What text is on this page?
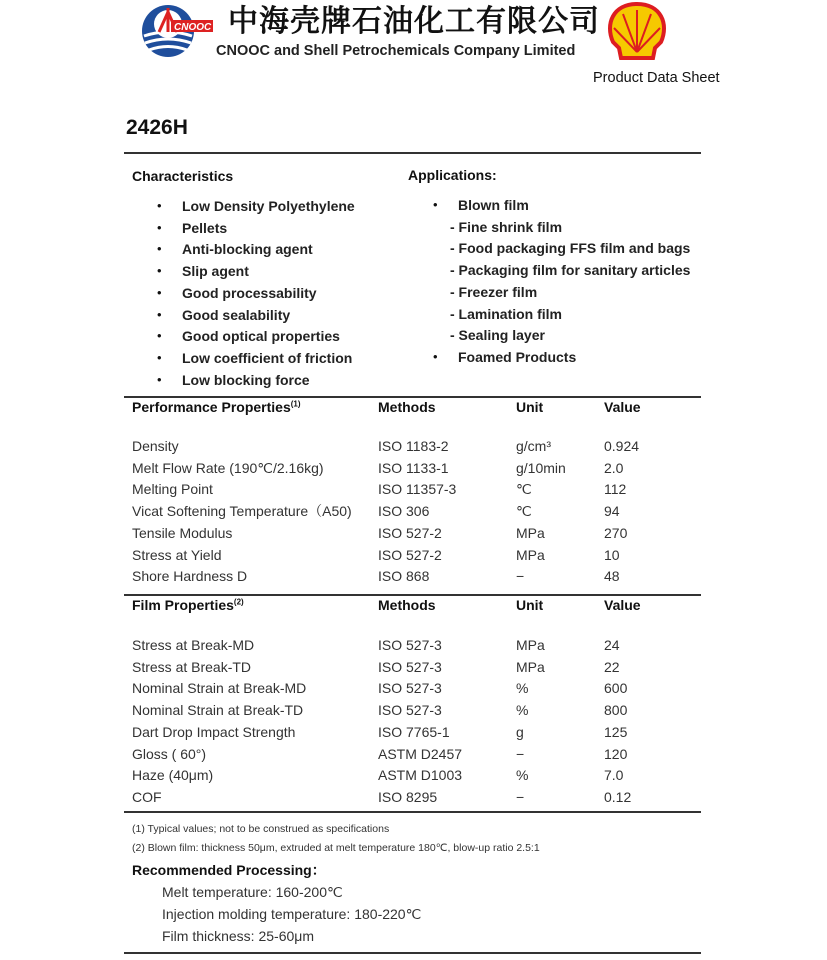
CNOOC 中海壳牌石油化工有限公司
CNOOC and Shell Petrochemicals Company Limited
Product Data Sheet
2426H
Characteristics
• Low Density Polyethylene
• Pellets
• Anti-blocking agent
• Slip agent
• Good processability
• Good sealability
• Good optical properties
• Low coefficient of friction
• Low blocking force
Applications:
• Blown film
- Fine shrink film
- Food packaging FFS film and bags
- Packaging film for sanitary articles
- Freezer film
- Lamination film
- Sealing layer
• Foamed Products
Performance Properties$^{(1)}$	Methods	Unit	Value
Density	ISO 1183-2	g/cm³	0.924
Melt Flow Rate (190℃/2.16kg)	ISO 1133-1	g/10min	2.0
Melting Point	ISO 11357-3	℃	112
Vicat Softening Temperature（A50) ISO 306	℃	94
Tensile Modulus	ISO 527-2	MPa	270
Stress at Yield	ISO 527-2	MPa	10
Shore Hardness D	ISO 868	−	48
Film Properties$^{(2)}$	Methods	Unit	Value
Stress at Break-MD	ISO 527-3	MPa	24
Stress at Break-TD	ISO 527-3	MPa	22
Nominal Strain at Break-MD	ISO 527-3	%	600
Nominal Strain at Break-TD	ISO 527-3	%	800
Dart Drop Impact Strength	ISO 7765-1	g	125
Gloss ( 60°)	ASTM D2457	−	120
Haze (40μm)	ASTM D1003	%	7.0
COF	ISO 8295	−	0.12
(1) Typical values; not to be construed as specifications
(2) Blown film: thickness 50μm, extruded at melt temperature 180℃, blow-up ratio 2.5:1
Recommended Processing：
Melt temperature: 160-200℃
Injection molding temperature: 180-220℃
Film thickness: 25-60μm
